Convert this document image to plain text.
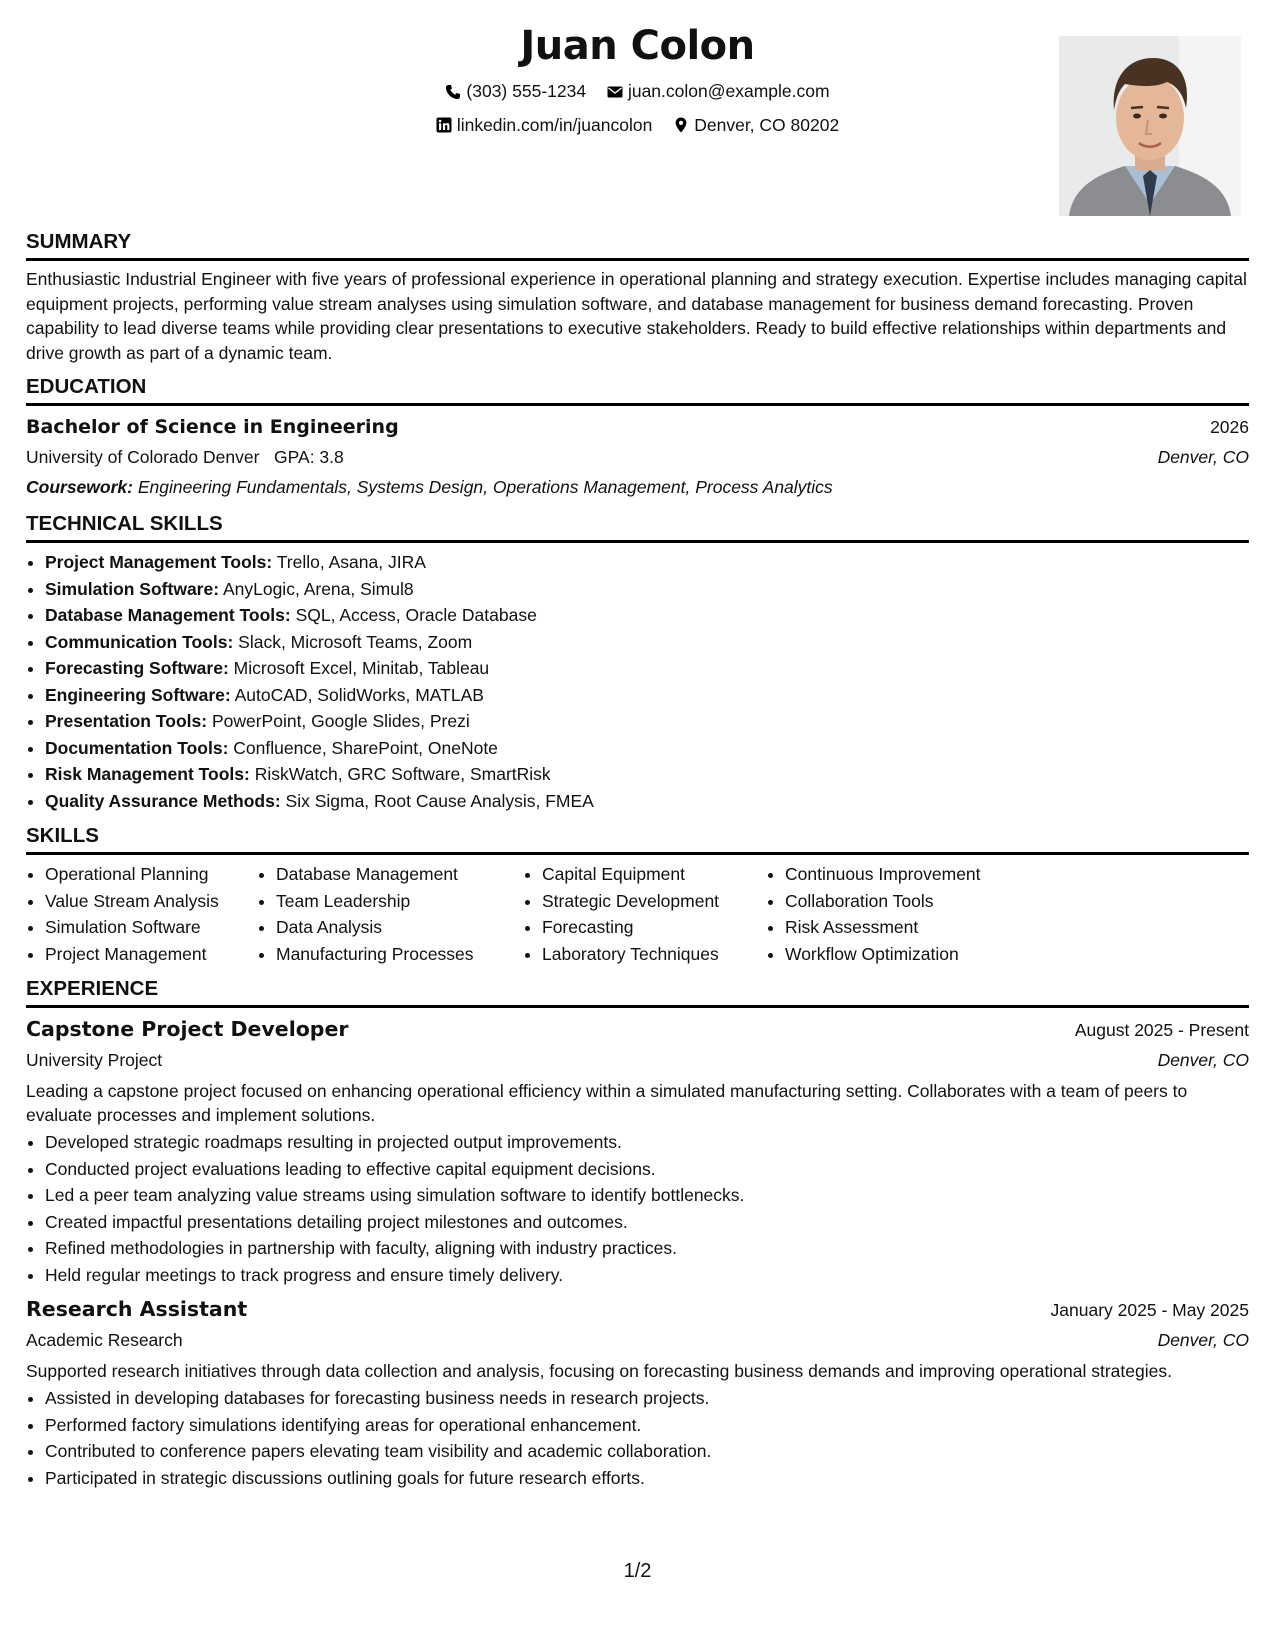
Juan Colon
(303) 555-1234
juan.colon@example.com
linkedin.com/in/juancolon
Denver, CO 80202
SUMMARY

Enthusiastic Industrial Engineer with five years of professional experience in operational planning and strategy execution. Expertise includes managing capital equipment projects, performing value stream analyses using simulation software, and database management for business demand forecasting. Proven capability to lead diverse teams while providing clear presentations to executive stakeholders. Ready to build effective relationships within departments and drive growth as part of a dynamic team.

EDUCATION
Bachelor of Science in Engineering	2026
University of Colorado Denver GPA: 3.8	Denver, CO
Coursework:
Engineering Fundamentals, Systems Design, Operations Management, Process Analytics
TECHNICAL SKILLS
• Project Management Tools: Trello, Asana, JIRA
• Simulation Software: AnyLogic, Arena, Simul8
• Database Management Tools: SQL, Access, Oracle Database
• Communication Tools: Slack, Microsoft Teams, Zoom
• Forecasting Software: Microsoft Excel, Minitab, Tableau
• Engineering Software: AutoCAD, SolidWorks, MATLAB
• Presentation Tools: PowerPoint, Google Slides, Prezi
• Documentation Tools: Confluence, SharePoint, OneNote
• Risk Management Tools: RiskWatch, GRC Software, SmartRisk
• Quality Assurance Methods: Six Sigma, Root Cause Analysis, FMEA
SKILLS
• Operational Planning
• Value Stream Analysis
• Simulation Software
• Project Management
• Database Management
• Team Leadership
• Data Analysis
• Manufacturing Processes
• Capital Equipment
• Strategic Development
• Forecasting
• Laboratory Techniques
• Continuous Improvement
• Collaboration Tools
• Risk Assessment
• Workflow Optimization
EXPERIENCE
Capstone Project Developer	August 2025 - Present
University Project	Denver, CO

Leading a capstone project focused on enhancing operational efficiency within a simulated manufacturing setting. Collaborates with a team of peers to evaluate processes and implement solutions.

• Developed strategic roadmaps resulting in projected output improvements.
• Conducted project evaluations leading to effective capital equipment decisions.
• Led a peer team analyzing value streams using simulation software to identify bottlenecks.
• Created impactful presentations detailing project milestones and outcomes.
• Refined methodologies in partnership with faculty, aligning with industry practices.
• Held regular meetings to track progress and ensure timely delivery.
Research Assistant	January 2025 - May 2025
Academic Research	Denver, CO

Supported research initiatives through data collection and analysis, focusing on forecasting business demands and improving operational strategies.

• Assisted in developing databases for forecasting business needs in research projects.
• Performed factory simulations identifying areas for operational enhancement.
• Contributed to conference papers elevating team visibility and academic collaboration.
• Participated in strategic discussions outlining goals for future research efforts.
1/2
